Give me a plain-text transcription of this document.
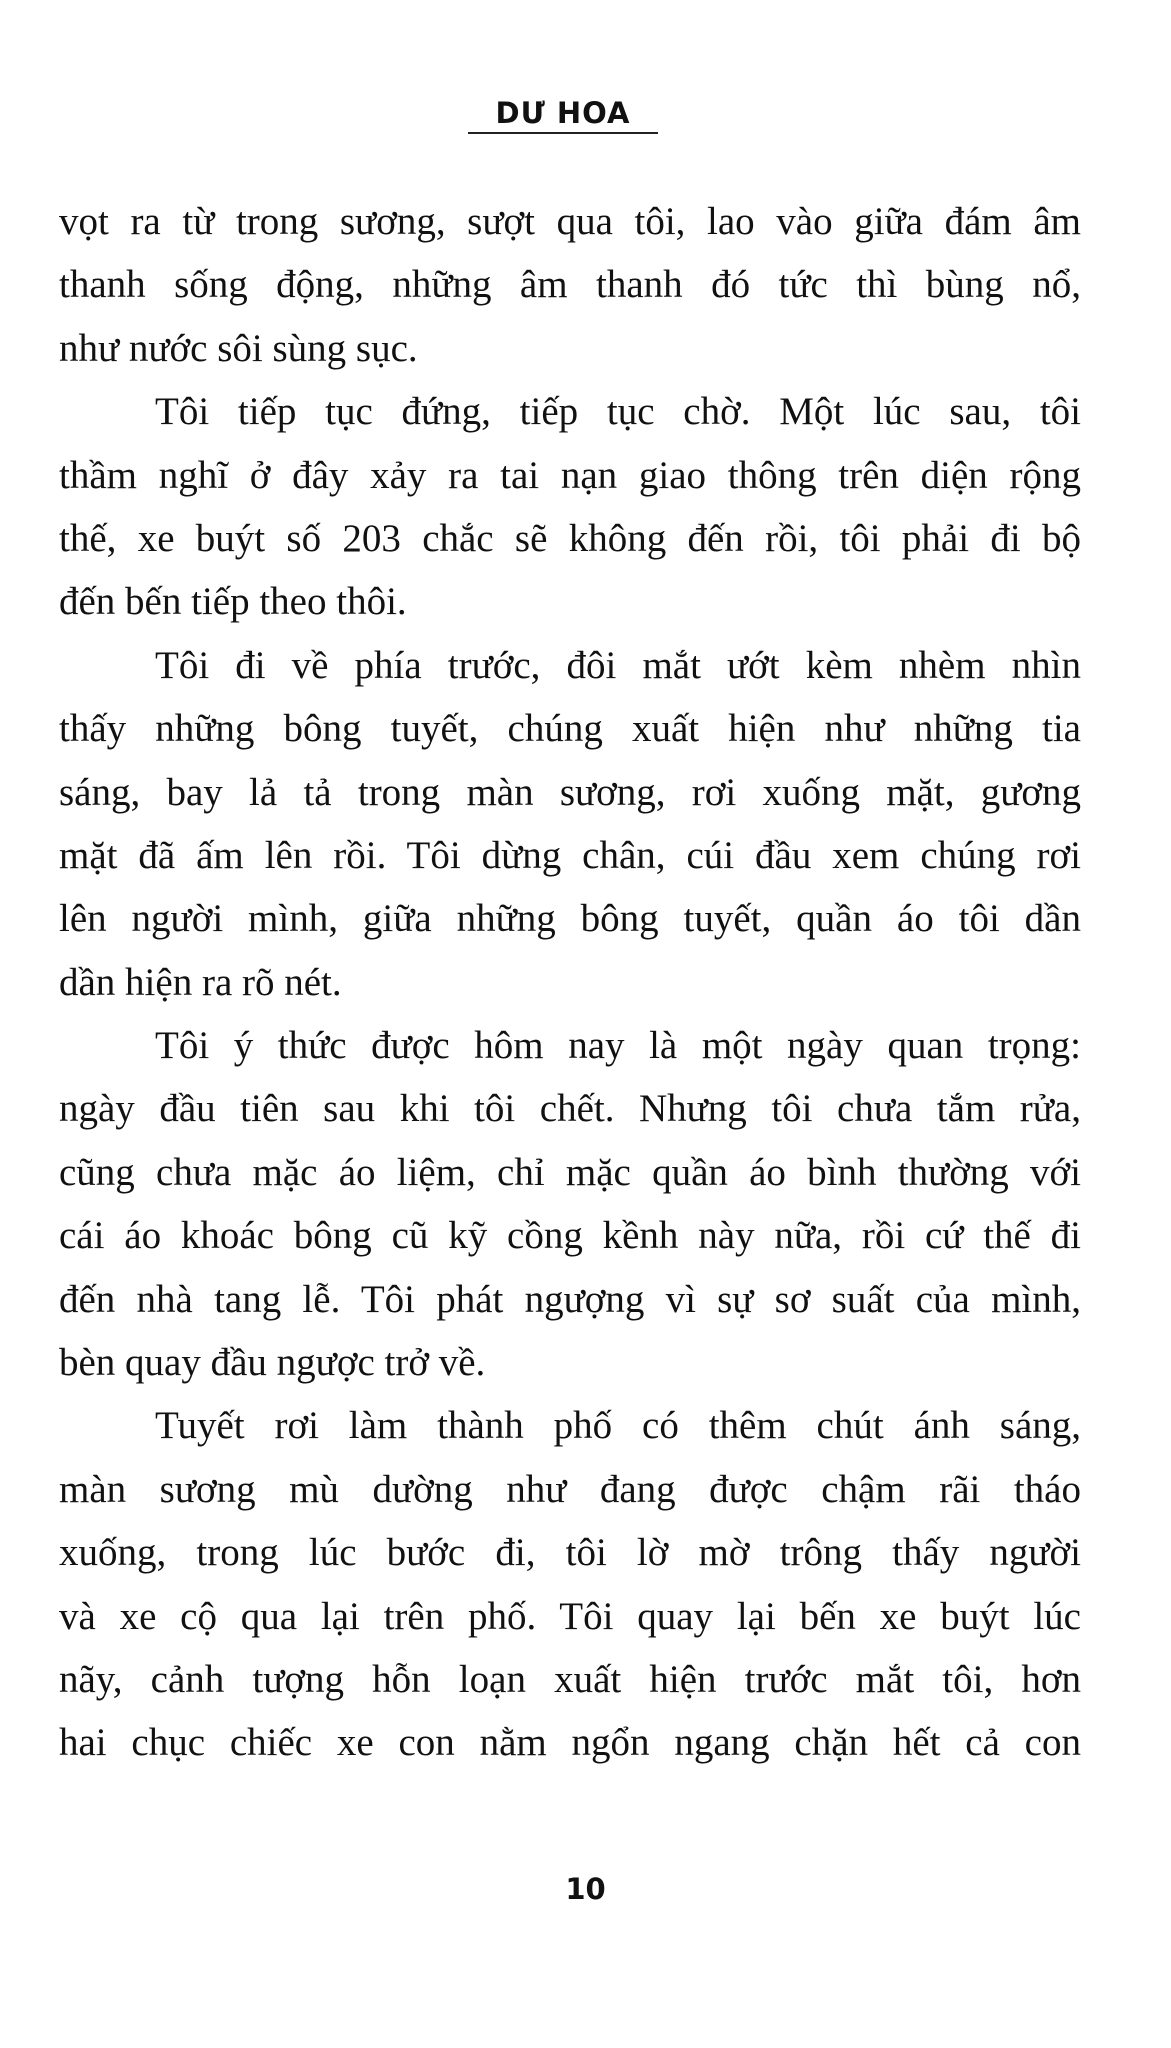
DƯ HOA
vọt ra từ trong sương, sượt qua tôi, lao vào giữa đám âm
thanh sống động, những âm thanh đó tức thì bùng nổ,
như nước sôi sùng sục.
Tôi tiếp tục đứng, tiếp tục chờ. Một lúc sau, tôi
thầm nghĩ ở đây xảy ra tai nạn giao thông trên diện rộng
thế, xe buýt số 203 chắc sẽ không đến rồi, tôi phải đi bộ
đến bến tiếp theo thôi.
Tôi đi về phía trước, đôi mắt ướt kèm nhèm nhìn
thấy những bông tuyết, chúng xuất hiện như những tia
sáng, bay lả tả trong màn sương, rơi xuống mặt, gương
mặt đã ấm lên rồi. Tôi dừng chân, cúi đầu xem chúng rơi
lên người mình, giữa những bông tuyết, quần áo tôi dần
dần hiện ra rõ nét.
Tôi ý thức được hôm nay là một ngày quan trọng:
ngày đầu tiên sau khi tôi chết. Nhưng tôi chưa tắm rửa,
cũng chưa mặc áo liệm, chỉ mặc quần áo bình thường với
cái áo khoác bông cũ kỹ cồng kềnh này nữa, rồi cứ thế đi
đến nhà tang lễ. Tôi phát ngượng vì sự sơ suất của mình,
bèn quay đầu ngược trở về.
Tuyết rơi làm thành phố có thêm chút ánh sáng,
màn sương mù dường như đang được chậm rãi tháo
xuống, trong lúc bước đi, tôi lờ mờ trông thấy người
và xe cộ qua lại trên phố. Tôi quay lại bến xe buýt lúc
nãy, cảnh tượng hỗn loạn xuất hiện trước mắt tôi, hơn
hai chục chiếc xe con nằm ngổn ngang chặn hết cả con
10
